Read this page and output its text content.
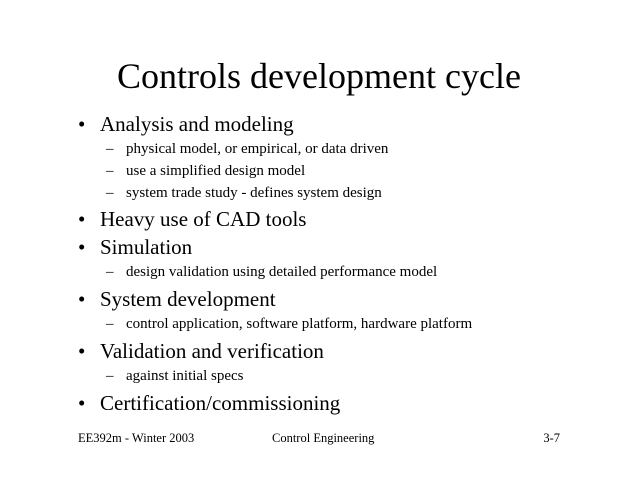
Controls development cycle
• Analysis and modeling
– physical model, or empirical, or data driven
– use a simplified design model
– system trade study - defines system design
• Heavy use of CAD tools
• Simulation
– design validation using detailed performance model
• System development
– control application, software platform, hardware platform
• Validation and verification
– against initial specs
• Certification/commissioning
EE392m - Winter 2003	Control Engineering	3-7
